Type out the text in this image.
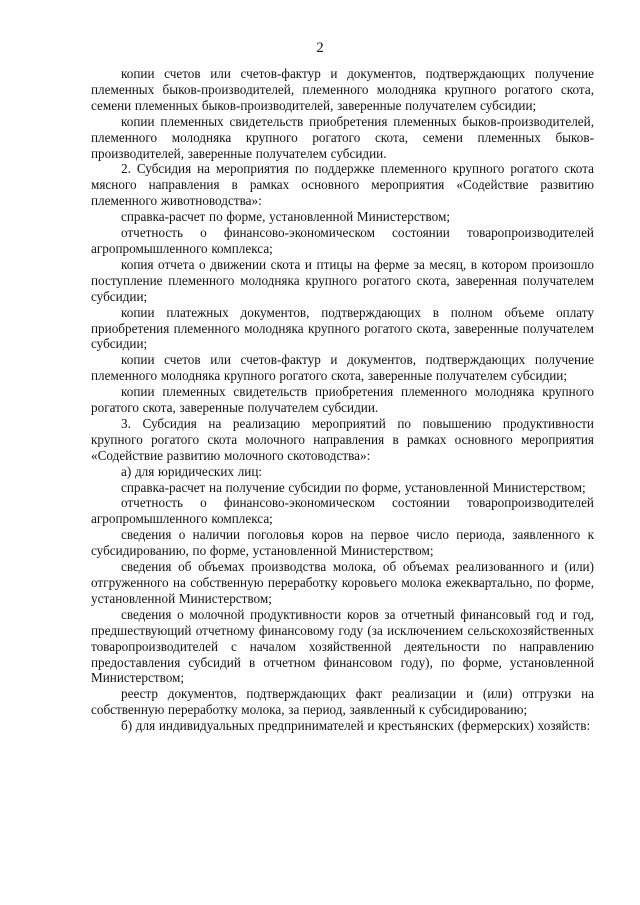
2

копии счетов или счетов-фактур и документов, подтверждающих получение племенных быков-производителей, племенного молодняка крупного рогатого скота, семени племенных быков-производителей, заверенные получателем субсидии;

копии племенных свидетельств приобретения племенных быков-производителей, племенного молодняка крупного рогатого скота, семени племенных быков-производителей, заверенные получателем субсидии.

2. Субсидия на мероприятия по поддержке племенного крупного рогатого скота мясного направления в рамках основного мероприятия «Содействие развитию племенного животноводства»:

справка-расчет по форме, установленной Министерством;

отчетность о финансово-экономическом состоянии товаропроизводителей агропромышленного комплекса;

копия отчета о движении скота и птицы на ферме за месяц, в котором произошло поступление племенного молодняка крупного рогатого скота, заверенная получателем субсидии;

копии платежных документов, подтверждающих в полном объеме оплату приобретения племенного молодняка крупного рогатого скота, заверенные получателем субсидии;

копии счетов или счетов-фактур и документов, подтверждающих получение племенного молодняка крупного рогатого скота, заверенные получателем субсидии;

копии племенных свидетельств приобретения племенного молодняка крупного рогатого скота, заверенные получателем субсидии.

3. Субсидия на реализацию мероприятий по повышению продуктивности крупного рогатого скота молочного направления в рамках основного мероприятия «Содействие развитию молочного скотоводства»:

а) для юридических лиц:

справка-расчет на получение субсидии по форме, установленной Министерством;

отчетность о финансово-экономическом состоянии товаропроизводителей агропромышленного комплекса;

сведения о наличии поголовья коров на первое число периода, заявленного к субсидированию, по форме, установленной Министерством;

сведения об объемах производства молока, об объемах реализованного и (или) отгруженного на собственную переработку коровьего молока ежеквартально, по форме, установленной Министерством;

сведения о молочной продуктивности коров за отчетный финансовый год и год, предшествующий отчетному финансовому году (за исключением сельскохозяйственных товаропроизводителей с началом хозяйственной деятельности по направлению предоставления субсидий в отчетном финансовом году), по форме, установленной Министерством;

реестр документов, подтверждающих факт реализации и (или) отгрузки на собственную переработку молока, за период, заявленный к субсидированию;

б) для индивидуальных предпринимателей и крестьянских (фермерских) хозяйств:
